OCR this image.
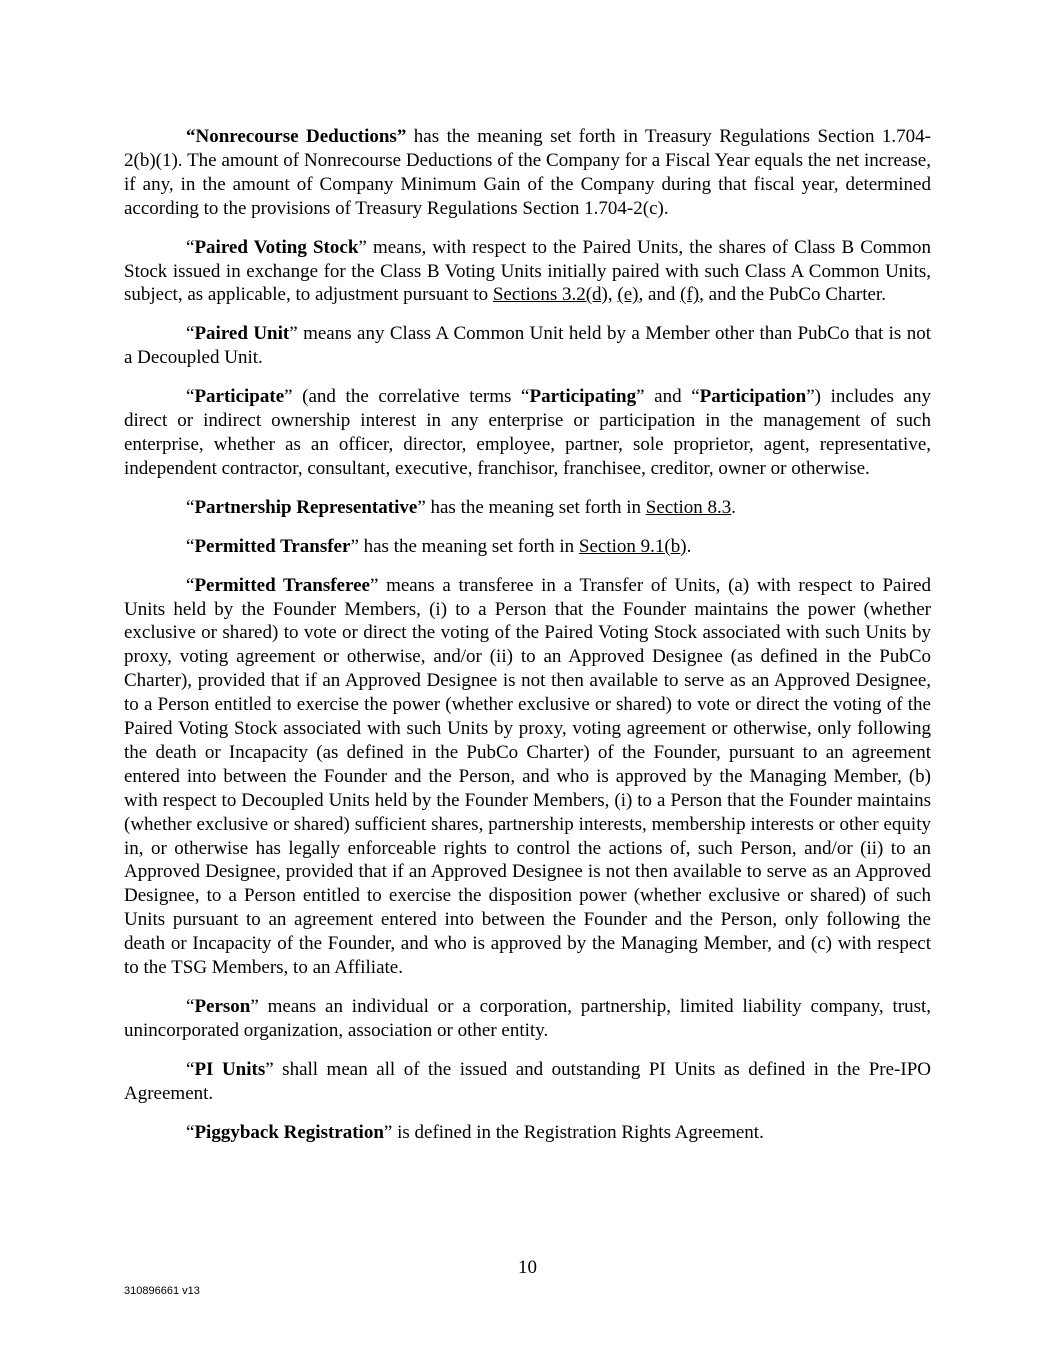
“Nonrecourse Deductions” has the meaning set forth in Treasury Regulations Section 1.704-2(b)(1). The amount of Nonrecourse Deductions of the Company for a Fiscal Year equals the net increase, if any, in the amount of Company Minimum Gain of the Company during that fiscal year, determined according to the provisions of Treasury Regulations Section 1.704-2(c).

“Paired Voting Stock” means, with respect to the Paired Units, the shares of Class B Common Stock issued in exchange for the Class B Voting Units initially paired with such Class A Common Units, subject, as applicable, to adjustment pursuant to Sections 3.2(d), (e), and (f), and the PubCo Charter.

“Paired Unit” means any Class A Common Unit held by a Member other than PubCo that is not a Decoupled Unit.

“Participate” (and the correlative terms “Participating” and “Participation”) includes any direct or indirect ownership interest in any enterprise or participation in the management of such enterprise, whether as an officer, director, employee, partner, sole proprietor, agent, representative, independent contractor, consultant, executive, franchisor, franchisee, creditor, owner or otherwise.

“Partnership Representative” has the meaning set forth in Section 8.3.

“Permitted Transfer” has the meaning set forth in Section 9.1(b).

“Permitted Transferee” means a transferee in a Transfer of Units, (a) with respect to Paired Units held by the Founder Members, (i) to a Person that the Founder maintains the power (whether exclusive or shared) to vote or direct the voting of the Paired Voting Stock associated with such Units by proxy, voting agreement or otherwise, and/or (ii) to an Approved Designee (as defined in the PubCo Charter), provided that if an Approved Designee is not then available to serve as an Approved Designee, to a Person entitled to exercise the power (whether exclusive or shared) to vote or direct the voting of the Paired Voting Stock associated with such Units by proxy, voting agreement or otherwise, only following the death or Incapacity (as defined in the PubCo Charter) of the Founder, pursuant to an agreement entered into between the Founder and the Person, and who is approved by the Managing Member, (b) with respect to Decoupled Units held by the Founder Members, (i) to a Person that the Founder maintains (whether exclusive or shared) sufficient shares, partnership interests, membership interests or other equity in, or otherwise has legally enforceable rights to control the actions of, such Person, and/or (ii) to an Approved Designee, provided that if an Approved Designee is not then available to serve as an Approved Designee, to a Person entitled to exercise the disposition power (whether exclusive or shared) of such Units pursuant to an agreement entered into between the Founder and the Person, only following the death or Incapacity of the Founder, and who is approved by the Managing Member, and (c) with respect to the TSG Members, to an Affiliate.

“Person” means an individual or a corporation, partnership, limited liability company, trust, unincorporated organization, association or other entity.

“PI Units” shall mean all of the issued and outstanding PI Units as defined in the Pre-IPO Agreement.

“Piggyback Registration” is defined in the Registration Rights Agreement.

10
310896661 v13
